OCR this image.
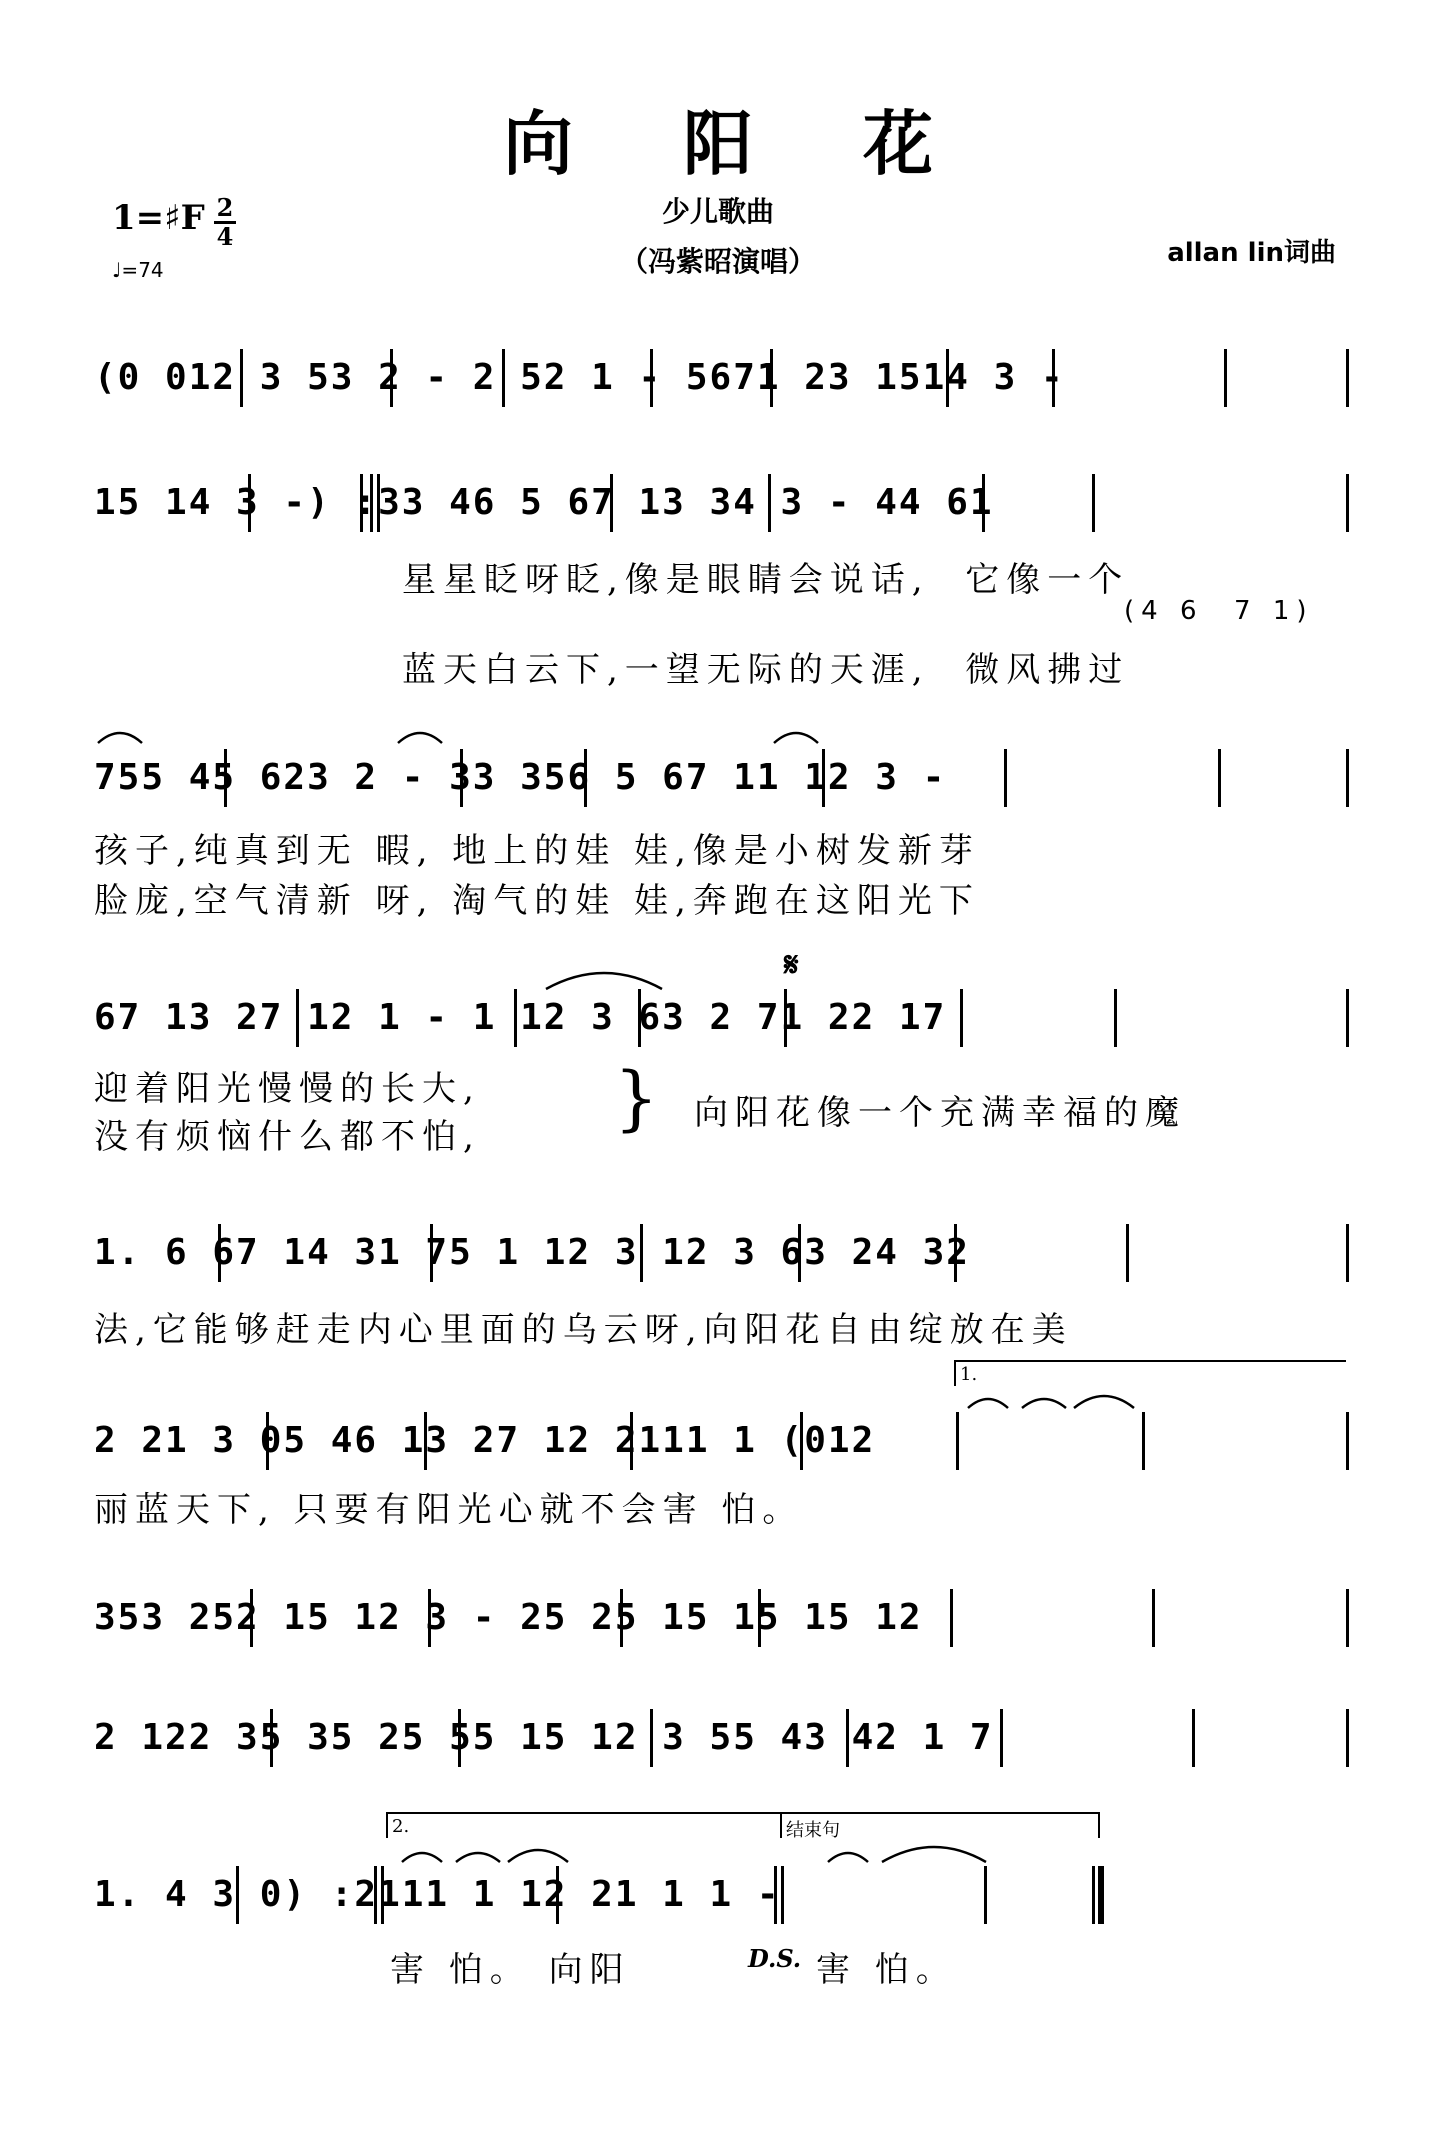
向阳花
少儿歌曲
（冯紫昭演唱）	allan lin词曲
1=♯F 2
4
♩=74
(0 012 3 53 2 - 2 52 1 - 5671 23 1514 3 -
15 14 3 -) :33 46 5 67 13 34 3 - 44 61
星星眨呀眨,像是眼睛会说话,  它像一个
(4 6  7 1)
蓝天白云下,一望无际的天涯,  微风拂过
755 45 623 2 - 33 356 5 67 11 12 3 -
孩子,纯真到无 暇, 地上的娃 娃,像是小树发新芽
脸庞,空气清新 呀, 淘气的娃 娃,奔跑在这阳光下
𝄋
67 13 27 12 1 - 1 12 3 63 2 71 22 17
迎着阳光慢慢的长大,
没有烦恼什么都不怕, } 向阳花像一个充满幸福的魔
1. 6 67 14 31 75 1 12 3 12 3 63 24 32
法,它能够赶走内心里面的乌云呀,向阳花自由绽放在美
1.
2 21 3 05 46 13 27 12 2111 1 (012
丽蓝天下, 只要有阳光心就不会害 怕。
353 252 15 12 3 - 25 25 15 15 15 12
2 122 35 35 25 55 15 12 3 55 43 42 1 7
2.	结束句
1. 4 3 0) :2111 1 12 21 1 1 -
害 怕。 向阳	D.S. 害 怕。
